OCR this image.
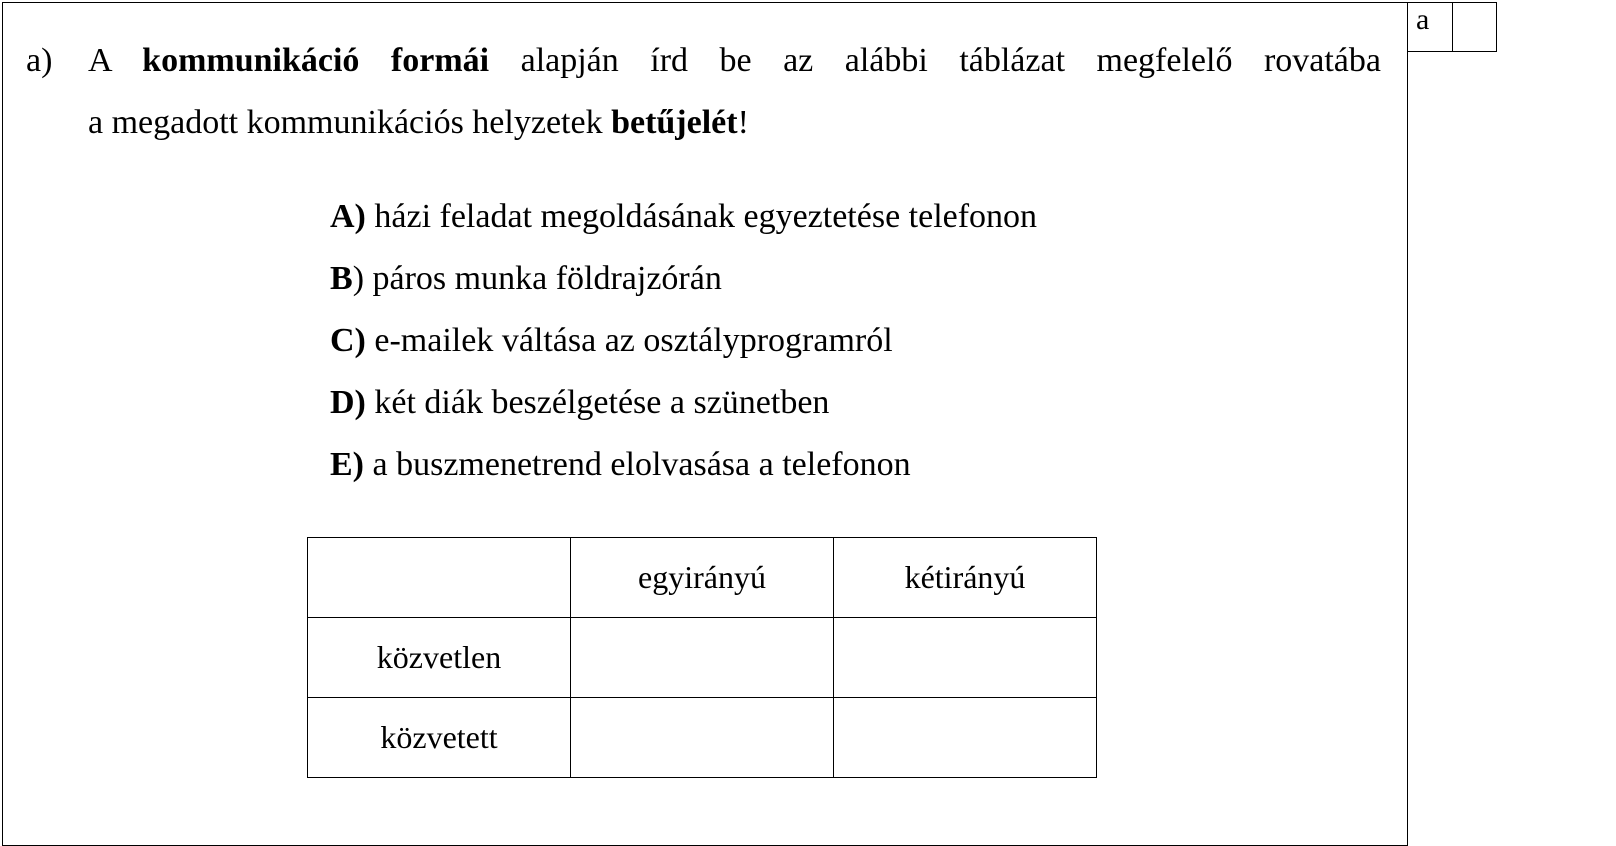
a
a)	A kommunikáció formái alapján írd be az alábbi táblázat megfelelő rovatába
a megadott kommunikációs helyzetek betűjelét!
A) házi feladat megoldásának egyeztetése telefonon
B) páros munka földrajzórán
C) e-mailek váltása az osztályprogramról
D) két diák beszélgetése a szünetben
E) a buszmenetrend elolvasása a telefonon
	egyirányú	kétirányú
közvetlen		
közvetett		
